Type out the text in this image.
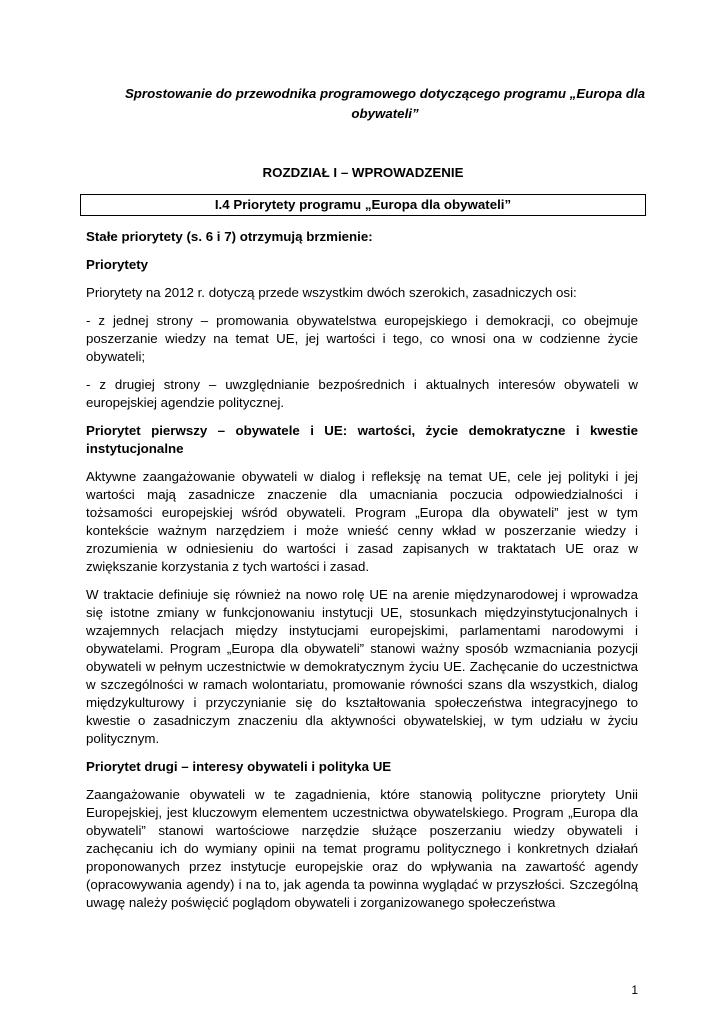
Sprostowanie do przewodnika programowego dotyczącego programu „Europa dla obywateli”
ROZDZIAŁ I – WPROWADZENIE
I.4 Priorytety programu „Europa dla obywateli”

Stałe priorytety (s. 6 i 7) otrzymują brzmienie:

Priorytety

Priorytety na 2012 r. dotyczą przede wszystkim dwóch szerokich, zasadniczych osi:

- z jednej strony – promowania obywatelstwa europejskiego i demokracji, co obejmuje poszerzanie wiedzy na temat UE, jej wartości i tego, co wnosi ona w codzienne życie obywateli;

- z drugiej strony – uwzględnianie bezpośrednich i aktualnych interesów obywateli w europejskiej agendzie politycznej.

Priorytet pierwszy – obywatele i UE: wartości, życie demokratyczne i kwestie instytucjonalne

Aktywne zaangażowanie obywateli w dialog i refleksję na temat UE, cele jej polityki i jej wartości mają zasadnicze znaczenie dla umacniania poczucia odpowiedzialności i tożsamości europejskiej wśród obywateli. Program „Europa dla obywateli” jest w tym kontekście ważnym narzędziem i może wnieść cenny wkład w poszerzanie wiedzy i zrozumienia w odniesieniu do wartości i zasad zapisanych w traktatach UE oraz w zwiększanie korzystania z tych wartości i zasad.

W traktacie definiuje się również na nowo rolę UE na arenie międzynarodowej i wprowadza się istotne zmiany w funkcjonowaniu instytucji UE, stosunkach międzyinstytucjonalnych i wzajemnych relacjach między instytucjami europejskimi, parlamentami narodowymi i obywatelami. Program „Europa dla obywateli” stanowi ważny sposób wzmacniania pozycji obywateli w pełnym uczestnictwie w demokratycznym życiu UE. Zachęcanie do uczestnictwa w szczególności w ramach wolontariatu, promowanie równości szans dla wszystkich, dialog międzykulturowy i przyczynianie się do kształtowania społeczeństwa integracyjnego to kwestie o zasadniczym znaczeniu dla aktywności obywatelskiej, w tym udziału w życiu politycznym.

Priorytet drugi – interesy obywateli i polityka UE

Zaangażowanie obywateli w te zagadnienia, które stanowią polityczne priorytety Unii Europejskiej, jest kluczowym elementem uczestnictwa obywatelskiego. Program „Europa dla obywateli” stanowi wartościowe narzędzie służące poszerzaniu wiedzy obywateli i zachęcaniu ich do wymiany opinii na temat programu politycznego i konkretnych działań proponowanych przez instytucje europejskie oraz do wpływania na zawartość agendy (opracowywania agendy) i na to, jak agenda ta powinna wyglądać w przyszłości. Szczególną uwagę należy poświęcić poglądom obywateli i zorganizowanego społeczeństwa

1
